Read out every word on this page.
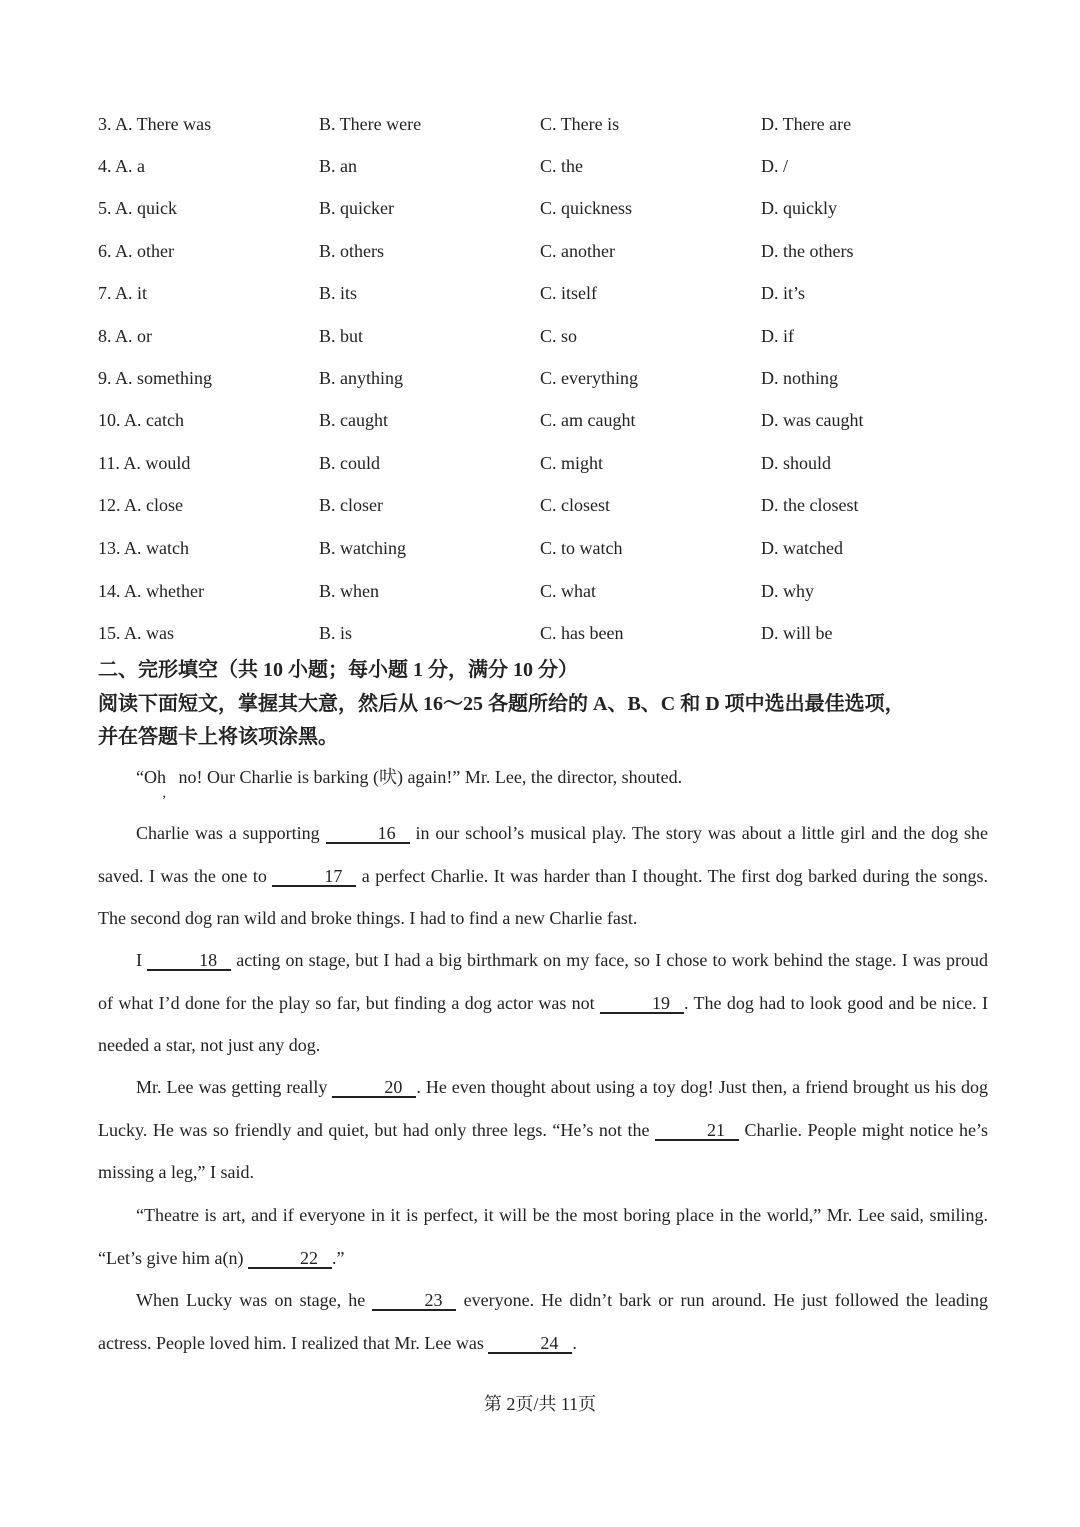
3. A. There was	B. There were	C. There is	D. There are
4. A. a	B. an	C. the	D. /
5. A. quick	B. quicker	C. quickness	D. quickly
6. A. other	B. others	C. another	D. the others
7. A. it	B. its	C. itself	D. it’s
8. A. or	B. but	C. so	D. if
9. A. something	B. anything	C. everything	D. nothing
10. A. catch	B. caught	C. am caught	D. was caught
11. A. would	B. could	C. might	D. should
12. A. close	B. closer	C. closest	D. the closest
13. A. watch	B. watching	C. to watch	D. watched
14. A. whether	B. when	C. what	D. why
15. A. was	B. is	C. has been	D. will be
二、完形填空（共 10 小题；每小题 1 分，满分 10 分）
阅读下面短文，掌握其大意，然后从 16～25 各题所给的 A、B、C 和 D 项中选出最佳选项，
并在答题卡上将该项涂黑。
“Oh $_,$ no! Our Charlie is barking (吠) again!” Mr. Lee, the director, shouted.
Charlie was a supporting	16 in our school’s musical play. The story was about a little girl and the dog she saved. I was the one to	17 a perfect Charlie. It was harder than I thought. The first dog barked during the songs. The second dog ran wild and broke things. I had to find a new Charlie fast.
I	18 acting on stage, but I had a big birthmark on my face, so I chose to work behind the stage. I was proud of what I’d done for the play so far, but finding a dog actor was not	19 . The dog had to look good and be nice. I needed a star, not just any dog.
Mr. Lee was getting really	20 . He even thought about using a toy dog! Just then, a friend brought us his dog Lucky. He was so friendly and quiet, but had only three legs. “He’s not the	21 Charlie. People might notice he’s missing a leg,” I said.
“Theatre is art, and if everyone in it is perfect, it will be the most boring place in the world,” Mr. Lee said, smiling. “Let’s give him a(n)	22 .”
When Lucky was on stage, he	23 everyone. He didn’t bark or run around. He just followed the leading actress. People loved him. I realized that Mr. Lee was	24 .
第 2页/共 11页
